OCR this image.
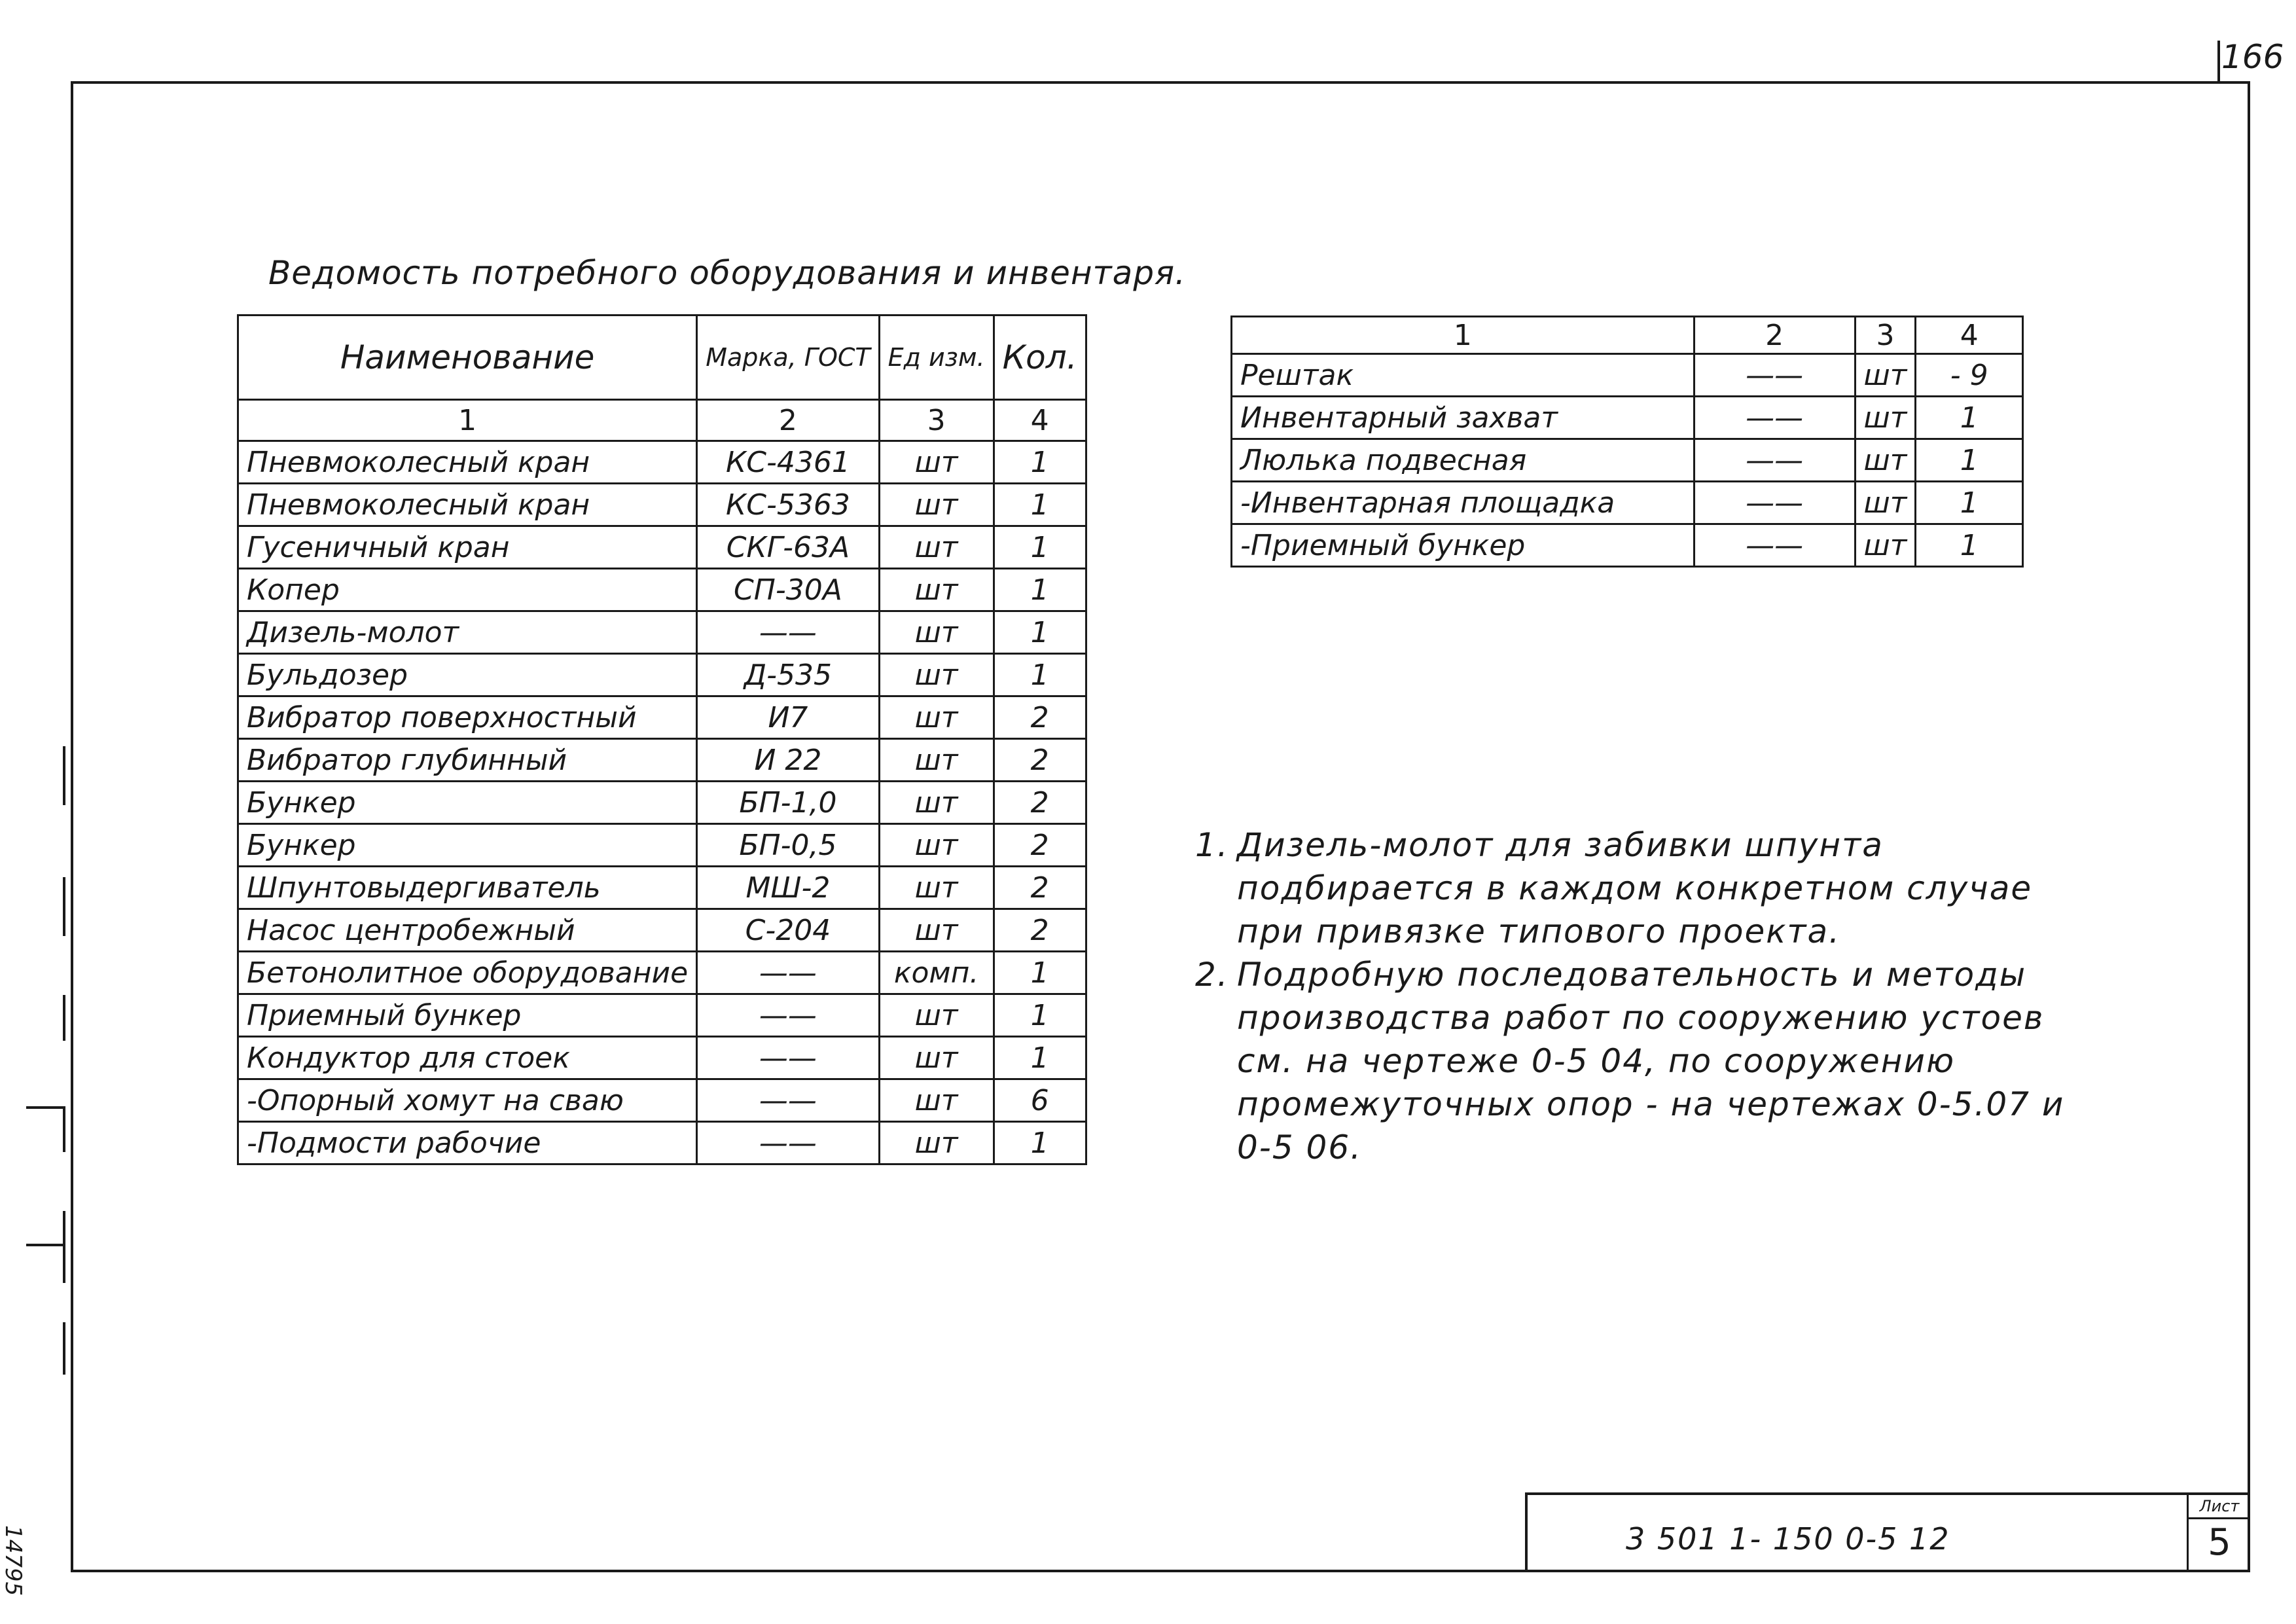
166
Ведомость потребного оборудования и инвентаря.
Наименование	Марка, ГОСТ	Ед изм.	Кол.
1	2	3	4
Пневмоколесный кран	КС-4361	шт	1
Пневмоколесный кран	КС-5363	шт	1
Гусеничный кран	СКГ-63А	шт	1
Копер	СП-30А	шт	1
Дизель-молот	——	шт	1
Бульдозер	Д-535	шт	1
Вибратор поверхностный	И7	шт	2
Вибратор глубинный	И 22	шт	2
Бункер	БП-1,0	шт	2
Бункер	БП-0,5	шт	2
Шпунтовыдергиватель	МШ-2	шт	2
Насос центробежный	С-204	шт	2
Бетонолитное оборудование	——	комп.	1
Приемный бункер	——	шт	1
Кондуктор для стоек	——	шт	1
-Опорный хомут на сваю	——	шт	6
-Подмости рабочие	——	шт	1
1	2	3	4
Рештак	——	шт	- 9
Инвентарный захват	——	шт	1
Люлька подвесная	——	шт	1
-Инвентарная площадка	——	шт	1
-Приемный бункер	——	шт	1
1. Дизель-молот для забивки шпунта подбирается в каждом конкретном случае при привязке типового проекта.
2. Подробную последовательность и методы производства работ по сооружению устоев см. на чертеже 0-5 04, по сооружению промежуточных опор - на чертежах 0-5.07 и 0-5 06.
3 501 1- 150 0-5 12
Лист
5
14795
